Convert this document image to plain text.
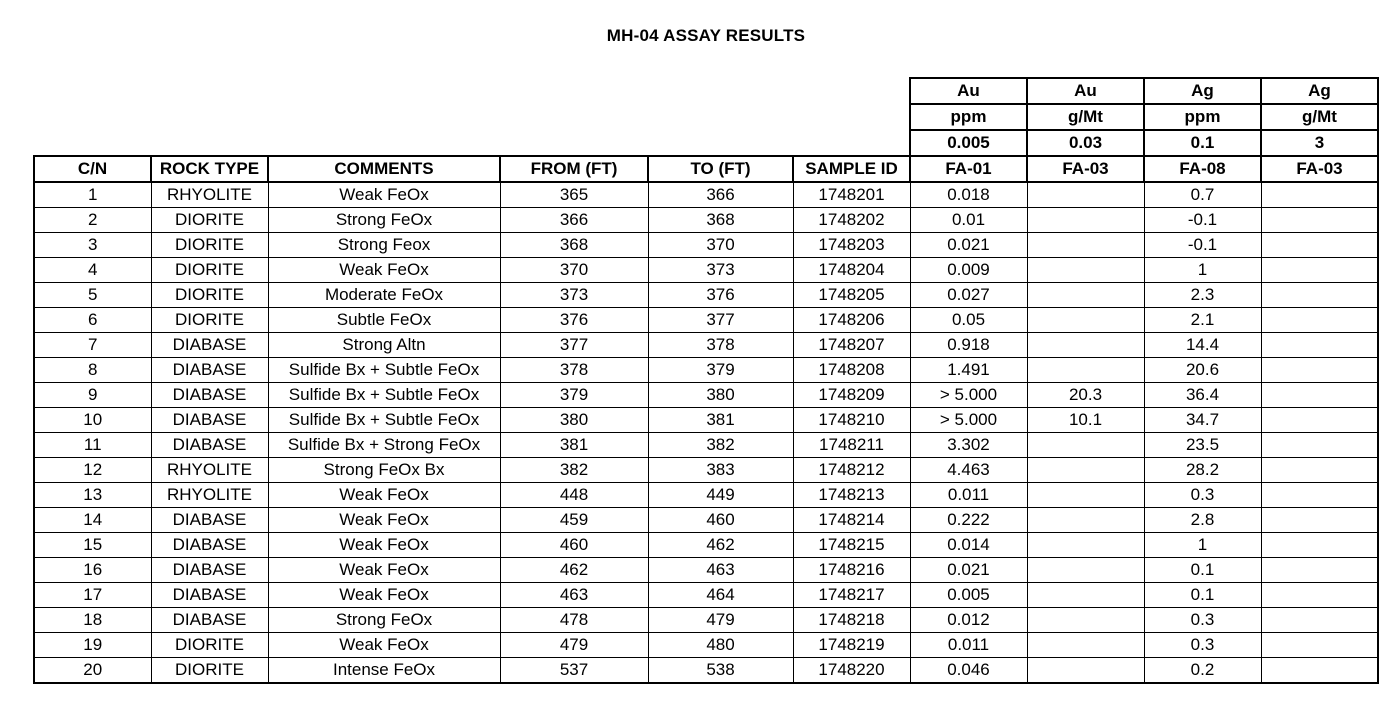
MH-04 ASSAY RESULTS
						Au	Au	Ag	Ag
						ppm	g/Mt	ppm	g/Mt
						0.005	0.03	0.1	3
C/N	ROCK TYPE	COMMENTS	FROM (FT)	TO (FT)	SAMPLE ID	FA-01	FA-03	FA-08	FA-03
1	RHYOLITE	Weak FeOx	365	366	1748201	0.018		0.7	
2	DIORITE	Strong FeOx	366	368	1748202	0.01		-0.1	
3	DIORITE	Strong Feox	368	370	1748203	0.021		-0.1	
4	DIORITE	Weak FeOx	370	373	1748204	0.009		1	
5	DIORITE	Moderate FeOx	373	376	1748205	0.027		2.3	
6	DIORITE	Subtle FeOx	376	377	1748206	0.05		2.1	
7	DIABASE	Strong Altn	377	378	1748207	0.918		14.4	
8	DIABASE	Sulfide Bx + Subtle FeOx	378	379	1748208	1.491		20.6	
9	DIABASE	Sulfide Bx + Subtle FeOx	379	380	1748209	> 5.000	20.3	36.4	
10	DIABASE	Sulfide Bx + Subtle FeOx	380	381	1748210	> 5.000	10.1	34.7	
11	DIABASE	Sulfide Bx + Strong FeOx	381	382	1748211	3.302		23.5	
12	RHYOLITE	Strong FeOx Bx	382	383	1748212	4.463		28.2	
13	RHYOLITE	Weak FeOx	448	449	1748213	0.011		0.3	
14	DIABASE	Weak FeOx	459	460	1748214	0.222		2.8	
15	DIABASE	Weak FeOx	460	462	1748215	0.014		1	
16	DIABASE	Weak FeOx	462	463	1748216	0.021		0.1	
17	DIABASE	Weak FeOx	463	464	1748217	0.005		0.1	
18	DIABASE	Strong FeOx	478	479	1748218	0.012		0.3	
19	DIORITE	Weak FeOx	479	480	1748219	0.011		0.3	
20	DIORITE	Intense FeOx	537	538	1748220	0.046		0.2	
